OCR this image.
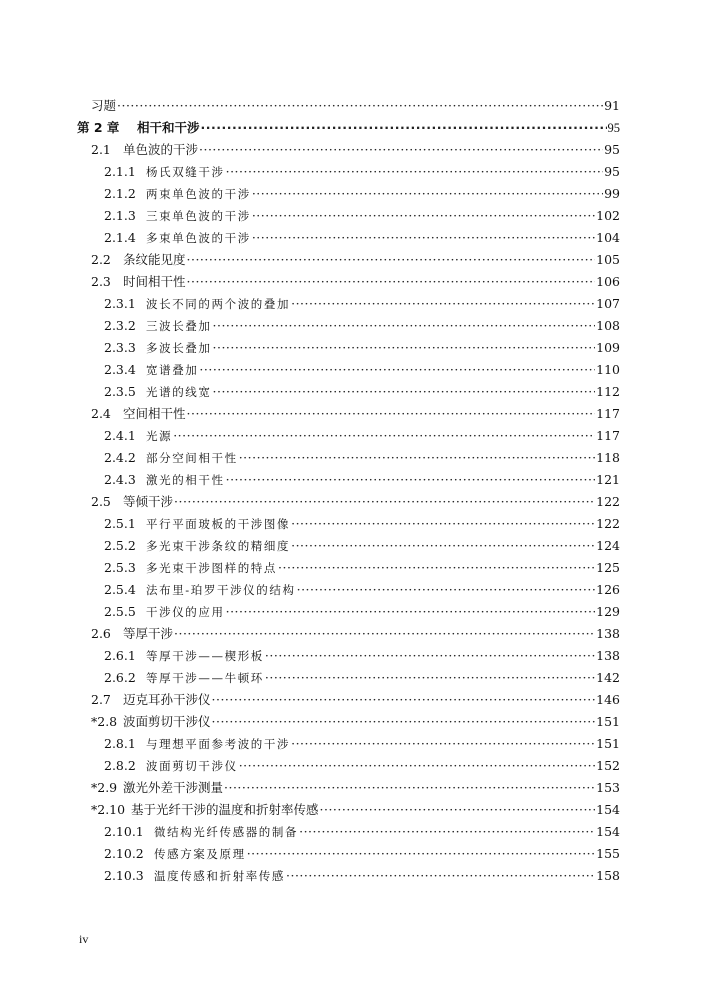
习题 ·····	91
第 2 章	相干和干涉 ·····	95
2.1 单色波的干涉 ·····	95
2.1.1 杨氏双缝干涉 ·····	95
2.1.2 两束单色波的干涉 ·····	99
2.1.3 三束单色波的干涉 ·····	102
2.1.4 多束单色波的干涉 ·····	104
2.2 条纹能见度 ·····	105
2.3 时间相干性 ·····	106
2.3.1 波长不同的两个波的叠加 ·····	107
2.3.2 三波长叠加 ·····	108
2.3.3 多波长叠加 ·····	109
2.3.4 宽谱叠加 ·····	110
2.3.5 光谱的线宽 ·····	112
2.4 空间相干性 ·····	117
2.4.1 光源 ·····	117
2.4.2 部分空间相干性 ·····	118
2.4.3 激光的相干性 ·····	121
2.5 等倾干涉 ·····	122
2.5.1 平行平面玻板的干涉图像 ·····	122
2.5.2 多光束干涉条纹的精细度 ·····	124
2.5.3 多光束干涉图样的特点 ·····	125
2.5.4 法布里-珀罗干涉仪的结构 ·····	126
2.5.5 干涉仪的应用 ·····	129
2.6 等厚干涉 ·····	138
2.6.1 等厚干涉——楔形板 ·····	138
2.6.2 等厚干涉——牛顿环 ·····	142
2.7 迈克耳孙干涉仪 ·····	146
*2.8 波面剪切干涉仪 ·····	151
2.8.1 与理想平面参考波的干涉 ·····	151
2.8.2 波面剪切干涉仪 ·····	152
*2.9 激光外差干涉测量 ·····	153
*2.10 基于光纤干涉的温度和折射率传感 ·····	154
2.10.1 微结构光纤传感器的制备 ·····	154
2.10.2 传感方案及原理 ·····	155
2.10.3 温度传感和折射率传感 ·····	158
iv
